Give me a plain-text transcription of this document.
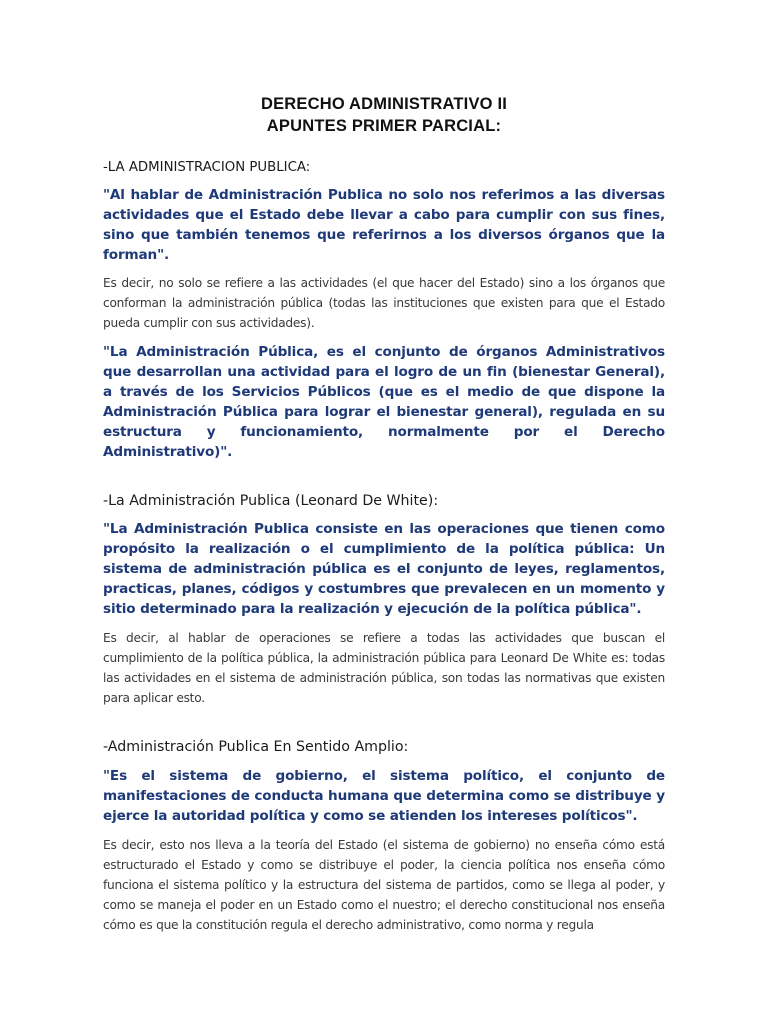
DERECHO ADMINISTRATIVO II
APUNTES PRIMER PARCIAL:

-LA ADMINISTRACION PUBLICA:

"Al hablar de Administración Publica no solo nos referimos a las diversas actividades que el Estado debe llevar a cabo para cumplir con sus fines, sino que también tenemos que referirnos a los diversos órganos que la forman".

Es decir, no solo se refiere a las actividades (el que hacer del Estado) sino a los órganos que conforman la administración pública (todas las instituciones que existen para que el Estado pueda cumplir con sus actividades).

"La Administración Pública, es el conjunto de órganos Administrativos que desarrollan una actividad para el logro de un fin (bienestar General), a través de los Servicios Públicos (que es el medio de que dispone la Administración Pública para lograr el bienestar general), regulada en su estructura y funcionamiento, normalmente por el Derecho Administrativo)".

-La Administración Publica (Leonard De White):

"La Administración Publica consiste en las operaciones que tienen como propósito la realización o el cumplimiento de la política pública: Un sistema de administración pública es el conjunto de leyes, reglamentos, practicas, planes, códigos y costumbres que prevalecen en un momento y sitio determinado para la realización y ejecución de la política pública".

Es decir, al hablar de operaciones se refiere a todas las actividades que buscan el cumplimiento de la política pública, la administración pública para Leonard De White es: todas las actividades en el sistema de administración pública, son todas las normativas que existen para aplicar esto.

-Administración Publica En Sentido Amplio:

"Es el sistema de gobierno, el sistema político, el conjunto de manifestaciones de conducta humana que determina como se distribuye y ejerce la autoridad política y como se atienden los intereses políticos".

Es decir, esto nos lleva a la teoría del Estado (el sistema de gobierno) no enseña cómo está estructurado el Estado y como se distribuye el poder, la ciencia política nos enseña cómo funciona el sistema político y la estructura del sistema de partidos, como se llega al poder, y como se maneja el poder en un Estado como el nuestro; el derecho constitucional nos enseña cómo es que la constitución regula el derecho administrativo, como norma y regula
